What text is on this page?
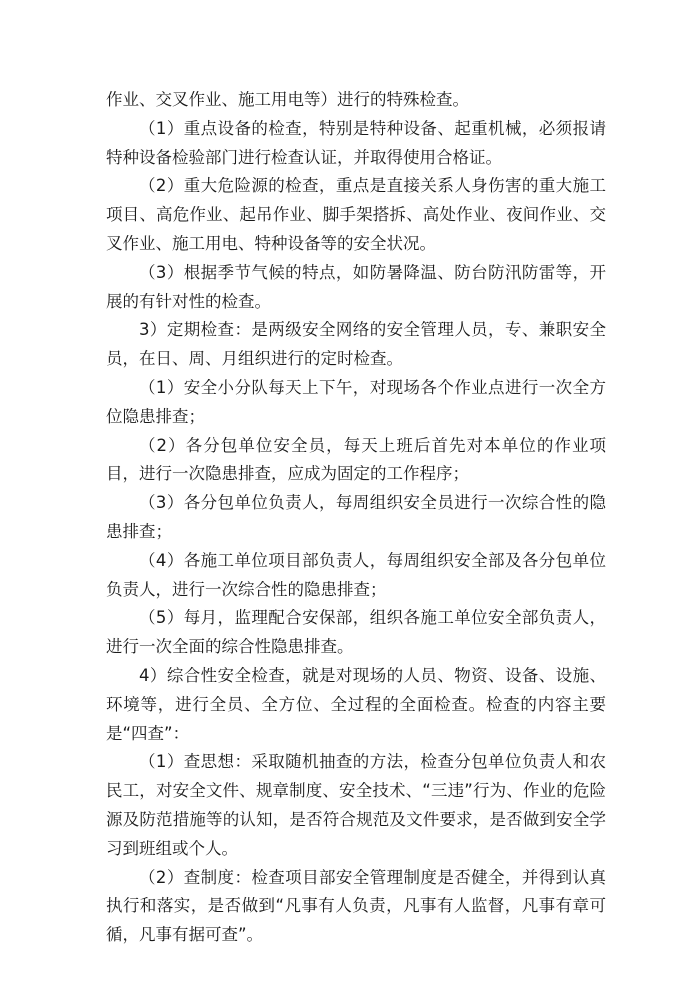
作业、交叉作业、施工用电等）进行的特殊检查。

（1）重点设备的检查，特别是特种设备、起重机械，必须报请特种设备检验部门进行检查认证，并取得使用合格证。

（2）重大危险源的检查，重点是直接关系人身伤害的重大施工项目、高危作业、起吊作业、脚手架搭拆、高处作业、夜间作业、交叉作业、施工用电、特种设备等的安全状况。

（3）根据季节气候的特点，如防暑降温、防台防汛防雷等，开展的有针对性的检查。

3）定期检查：是两级安全网络的安全管理人员，专、兼职安全员，在日、周、月组织进行的定时检查。

（1）安全小分队每天上下午，对现场各个作业点进行一次全方位隐患排查；

（2）各分包单位安全员，每天上班后首先对本单位的作业项目，进行一次隐患排查，应成为固定的工作程序；

（3）各分包单位负责人，每周组织安全员进行一次综合性的隐患排查；

（4）各施工单位项目部负责人，每周组织安全部及各分包单位负责人，进行一次综合性的隐患排查；

（5）每月，监理配合安保部，组织各施工单位安全部负责人，进行一次全面的综合性隐患排查。

4）综合性安全检查，就是对现场的人员、物资、设备、设施、环境等，进行全员、全方位、全过程的全面检查。检查的内容主要是“四查”：

（1）查思想：采取随机抽查的方法，检查分包单位负责人和农民工，对安全文件、规章制度、安全技术、“三违”行为、作业的危险源及防范措施等的认知，是否符合规范及文件要求，是否做到安全学习到班组或个人。

（2）查制度：检查项目部安全管理制度是否健全，并得到认真执行和落实，是否做到“凡事有人负责，凡事有人监督，凡事有章可循，凡事有据可查”。
